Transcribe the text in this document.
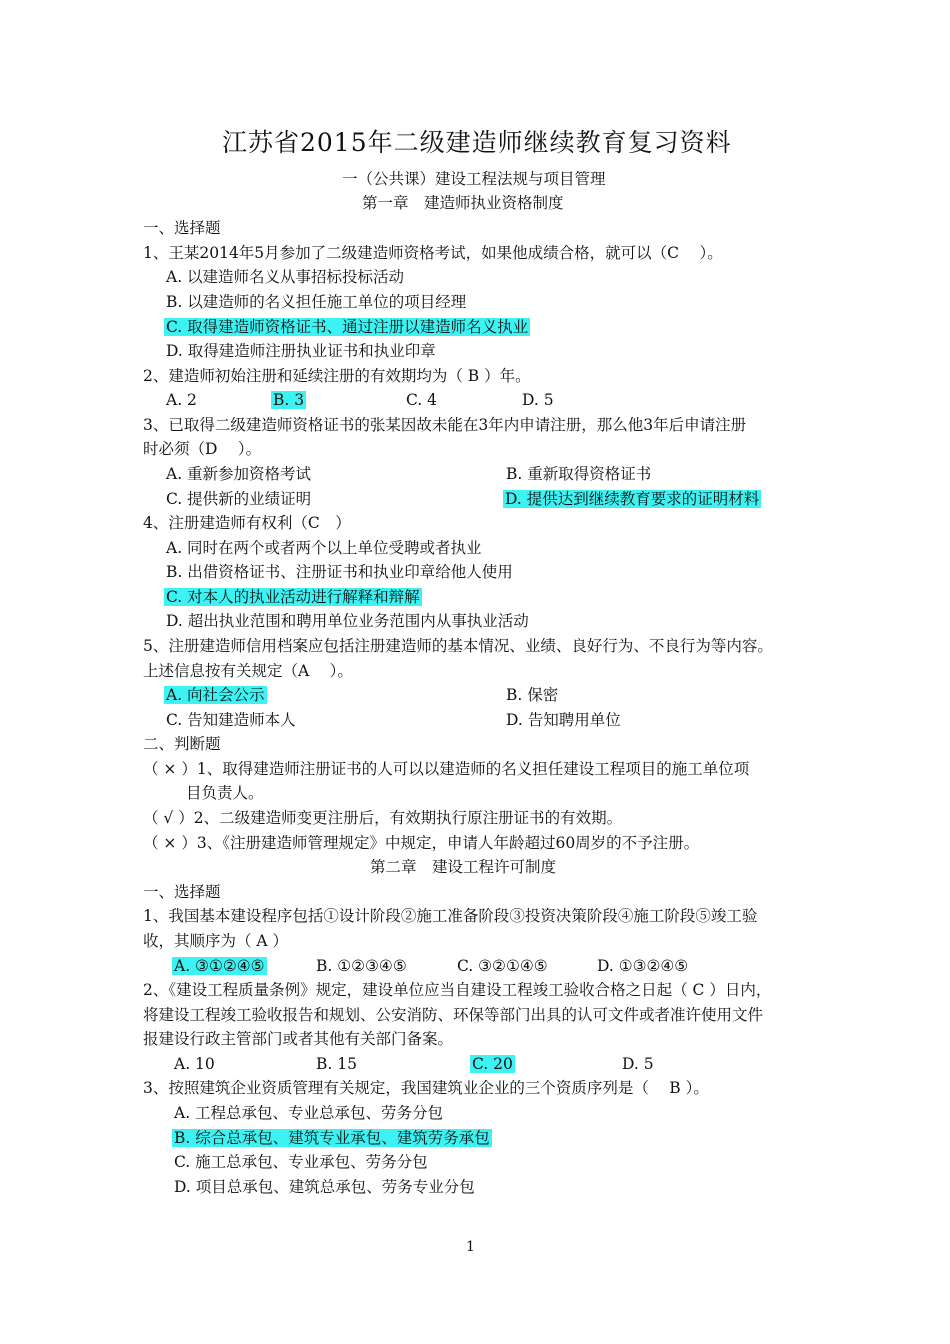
江苏省2015年二级建造师继续教育复习资料
一（公共课）建设工程法规与项目管理
第一章　建造师执业资格制度
一、选择题
1、王某2014年5月参加了二级建造师资格考试，如果他成绩合格，就可以（C　 ）。
A. 以建造师名义从事招标投标活动
B. 以建造师的名义担任施工单位的项目经理
C. 取得建造师资格证书、通过注册以建造师名义执业
D. 取得建造师注册执业证书和执业印章
2、建造师初始注册和延续注册的有效期均为（ B ）年。
A. 2	B. 3	C. 4	D. 5
3、已取得二级建造师资格证书的张某因故未能在3年内申请注册，那么他3年后申请注册
时必须（D　 ）。
A. 重新参加资格考试	B. 重新取得资格证书
C. 提供新的业绩证明	D. 提供达到继续教育要求的证明材料
4、注册建造师有权利（C　）
A. 同时在两个或者两个以上单位受聘或者执业
B. 出借资格证书、注册证书和执业印章给他人使用
C. 对本人的执业活动进行解释和辩解
D. 超出执业范围和聘用单位业务范围内从事执业活动
5、注册建造师信用档案应包括注册建造师的基本情况、业绩、良好行为、不良行为等内容。
上述信息按有关规定（A　 ）。
A. 向社会公示	B. 保密
C. 告知建造师本人	D. 告知聘用单位
二、判断题
（ × ）1、取得建造师注册证书的人可以以建造师的名义担任建设工程项目的施工单位项
目负责人。
（ √ ）2、二级建造师变更注册后，有效期执行原注册证书的有效期。
（ × ）3、《注册建造师管理规定》中规定，申请人年龄超过60周岁的不予注册。
第二章　建设工程许可制度
一、选择题
1、我国基本建设程序包括①设计阶段②施工准备阶段③投资决策阶段④施工阶段⑤竣工验
收，其顺序为（ A ）
A. ③①②④⑤	B. ①②③④⑤	C. ③②①④⑤	D. ①③②④⑤
2、《建设工程质量条例》规定，建设单位应当自建设工程竣工验收合格之日起（ C ）日内，
将建设工程竣工验收报告和规划、公安消防、环保等部门出具的认可文件或者准许使用文件
报建设行政主管部门或者其他有关部门备案。
A. 10	B. 15	C. 20	D. 5
3、按照建筑企业资质管理有关规定，我国建筑业企业的三个资质序列是（　 B ）。
A. 工程总承包、专业总承包、劳务分包
B. 综合总承包、建筑专业承包、建筑劳务承包
C. 施工总承包、专业承包、劳务分包
D. 项目总承包、建筑总承包、劳务专业分包
1
